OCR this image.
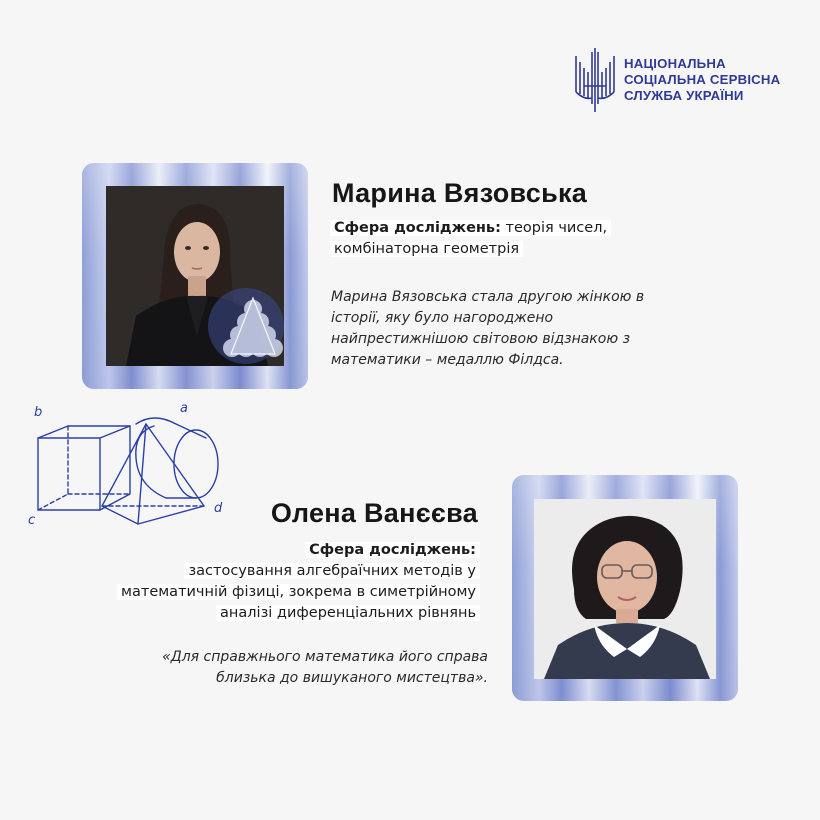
НАЦІОНАЛЬНА
СОЦІАЛЬНА СЕРВІСНА
СЛУЖБА УКРАЇНИ
Марина Вязовська
Сфера досліджень: теорія чисел,
комбінаторна геометрія
Марина Вязовська стала другою жінкою в історії, яку було нагороджено найпрестижнішою світовою відзнакою з математики – медаллю Філдса.
b	a
c
d	Олена Ванєєва
Сфера досліджень:
застосування алгебраїчних методів у
математичній фізиці, зокрема в симетрійному
аналізі диференціальних рівнянь
«Для справжнього математика його справа близька до вишуканого мистецтва».
